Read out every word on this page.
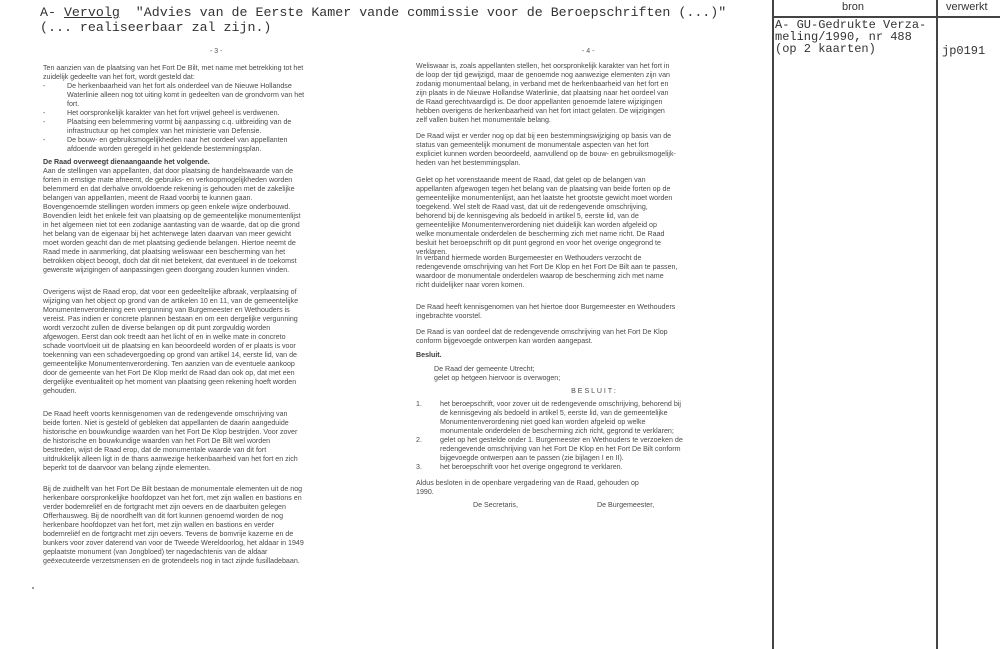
A- Vervolg  "Advies van de Eerste Kamer vande commissie voor de Beroepschriften (...)"
(... realiseerbaar zal zijn.)
- 3 -	- 4 -
Ten aanzien van de plaatsing van het Fort De Bilt, met name met betrekking tot het
zuidelijk gedeelte van het fort, wordt gesteld dat:
-	De herkenbaarheid van het fort als onderdeel van de Nieuwe Hollandse
Waterlinie alleen nog tot uiting komt in gedeelten van de grondvorm van het
fort.
-	Het oorspronkelijk karakter van het fort vrijwel geheel is verdwenen.
-	Plaatsing een belemmering vormt bij aanpassing c.q. uitbreiding van de
infrastructuur op het complex van het ministerie van Defensie.
-	De bouw- en gebruiksmogelijkheden naar het oordeel van appellanten
afdoende worden geregeld in het geldende bestemmingsplan.
De Raad overweegt dienaangaande het volgende.
Aan de stellingen van appellanten, dat door plaatsing de handelswaarde van de
forten in ernstige mate afneemt, de gebruiks- en verkoopmogelijkheden worden
belemmerd en dat derhalve onvoldoende rekening is gehouden met de zakelijke
belangen van appellanten, meent de Raad voorbij te kunnen gaan.
Bovengenoemde stellingen worden immers op geen enkele wijze onderbouwd.
Bovendien leidt het enkele feit van plaatsing op de gemeentelijke monumentenlijst
in het algemeen niet tot een zodanige aantasting van de waarde, dat op die grond
het belang van de eigenaar bij het achterwege laten daarvan van meer gewicht
moet worden geacht dan de met plaatsing gediende belangen. Hiertoe neemt de
Raad mede in aanmerking, dat plaatsing weliswaar een bescherming van het
betrokken object beoogt, doch dat dit niet betekent, dat eventueel in de toekomst
gewenste wijzigingen of aanpassingen geen doorgang zouden kunnen vinden.
Overigens wijst de Raad erop, dat voor een gedeeltelijke afbraak, verplaatsing of
wijziging van het object op grond van de artikelen 10 en 11, van de gemeentelijke
Monumentenverordening een vergunning van Burgemeester en Wethouders is
vereist. Pas indien er concrete plannen bestaan en om een dergelijke vergunning
wordt verzocht zullen de diverse belangen op dit punt zorgvuldig worden
afgewogen. Eerst dan ook treedt aan het licht of en in welke mate in concreto
schade voortvloeit uit de plaatsing en kan beoordeeld worden of er plaats is voor
toekenning van een schadevergoeding op grond van artikel 14, eerste lid, van de
gemeentelijke Monumentenverordening. Ten aanzien van de eventuele aankoop
door de gemeente van het Fort De Klop merkt de Raad dan ook op, dat met een
dergelijke eventualiteit op het moment van plaatsing geen rekening hoeft worden
gehouden.
De Raad heeft voorts kennisgenomen van de redengevende omschrijving van
beide forten. Niet is gesteld of gebleken dat appellanten de daarin aangeduide
historische en bouwkundige waarden van het Fort De Klop bestrijden. Voor zover
de historische en bouwkundige waarden van het Fort De Bilt wel worden
bestreden, wijst de Raad erop, dat de monumentale waarde van dit fort
uitdrukkelijk alleen ligt in de thans aanwezige herkenbaarheid van het fort en zich
beperkt tot de daarvoor van belang zijnde elementen.
Bij de zuidhelft van het Fort De Bilt bestaan de monumentale elementen uit de nog
herkenbare oorspronkelijke hoofdopzet van het fort, met zijn wallen en bastions en
verder bodemreliëf en de fortgracht met zijn oevers en de daarbuiten gelegen
Offerhausweg. Bij de noordhelft van dit fort kunnen genoemd worden de nog
herkenbare hoofdopzet van het fort, met zijn wallen en bastions en verder
bodemreliëf en de fortgracht met zijn oevers. Tevens de bomvrije kazerne en de
bunkers voor zover daterend van voor de Tweede Wereldoorlog, het aldaar in 1949
geplaatste monument (van Jongbloed) ter nagedachtenis van de aldaar
geëxecuteerde verzetsmensen en de grotendeels nog in tact zijnde fusilladebaan.
Weliswaar is, zoals appellanten stellen, het oorspronkelijk karakter van het fort in
de loop der tijd gewijzigd, maar de genoemde nog aanwezige elementen zijn van
zodanig monumentaal belang, in verband met de herkenbaarheid van het fort en
zijn plaats in de Nieuwe Hollandse Waterlinie, dat plaatsing naar het oordeel van
de Raad gerechtvaardigd is. De door appellanten genoemde latere wijzigingen
hebben overigens de herkenbaarheid van het fort intact gelaten. De wijzigingen
zelf vallen buiten het monumentale belang.
De Raad wijst er verder nog op dat bij een bestemmingswijziging op basis van de
status van gemeentelijk monument de monumentale aspecten van het fort
expliciet kunnen worden beoordeeld, aanvullend op de bouw- en gebruiksmogelijk-
heden van het bestemmingsplan.
Gelet op het vorenstaande meent de Raad, dat gelet op de belangen van
appellanten afgewogen tegen het belang van de plaatsing van beide forten op de
gemeentelijke monumentenlijst, aan het laatste het grootste gewicht moet worden
toegekend. Wel stelt de Raad vast, dat uit de redengevende omschrijving,
behorend bij de kennisgeving als bedoeld in artikel 5, eerste lid, van de
gemeentelijke Monumentenverordening niet duidelijk kan worden afgeleid op
welke monumentale onderdelen de bescherming zich met name richt. De Raad
besluit het beroepschrift op dit punt gegrond en voor het overige ongegrond te
verklaren.
In verband hiermede worden Burgemeester en Wethouders verzocht de
redengevende omschrijving van het Fort De Klop en het Fort De Bilt aan te passen,
waardoor de monumentale onderdelen waarop de bescherming zich met name
richt duidelijker naar voren komen.
De Raad heeft kennisgenomen van het hiertoe door Burgemeester en Wethouders
ingebrachte voorstel.
De Raad is van oordeel dat de redengevende omschrijving van het Fort De Klop
conform bijgevoegde ontwerpen kan worden aangepast.
Besluit.
De Raad der gemeente Utrecht;
gelet op hetgeen hiervoor is overwogen;
B E S L U I T :
1.	het beroepschrift, voor zover uit de redengevende omschrijving, behorend bij
de kennisgeving als bedoeld in artikel 5, eerste lid, van de gemeentelijke
Monumentenverordening niet goed kan worden afgeleid op welke
monumentale onderdelen de bescherming zich richt, gegrond te verklaren;
2.	gelet op het gestelde onder 1. Burgemeester en Wethouders te verzoeken de
redengevende omschrijving van het Fort De Klop en het Fort De Bilt conform
bijgevoegde ontwerpen aan te passen (zie bijlagen I en II).
3.	het beroepschrift voor het overige ongegrond te verklaren.
Aldus besloten in de openbare vergadering van de Raad, gehouden op
1990.
De Secretaris,	De Burgemeester,
bron	verwerkt
A- GU-Gedrukte Verza-
meling/1990, nr 488
(op 2 kaarten)	jp0191
